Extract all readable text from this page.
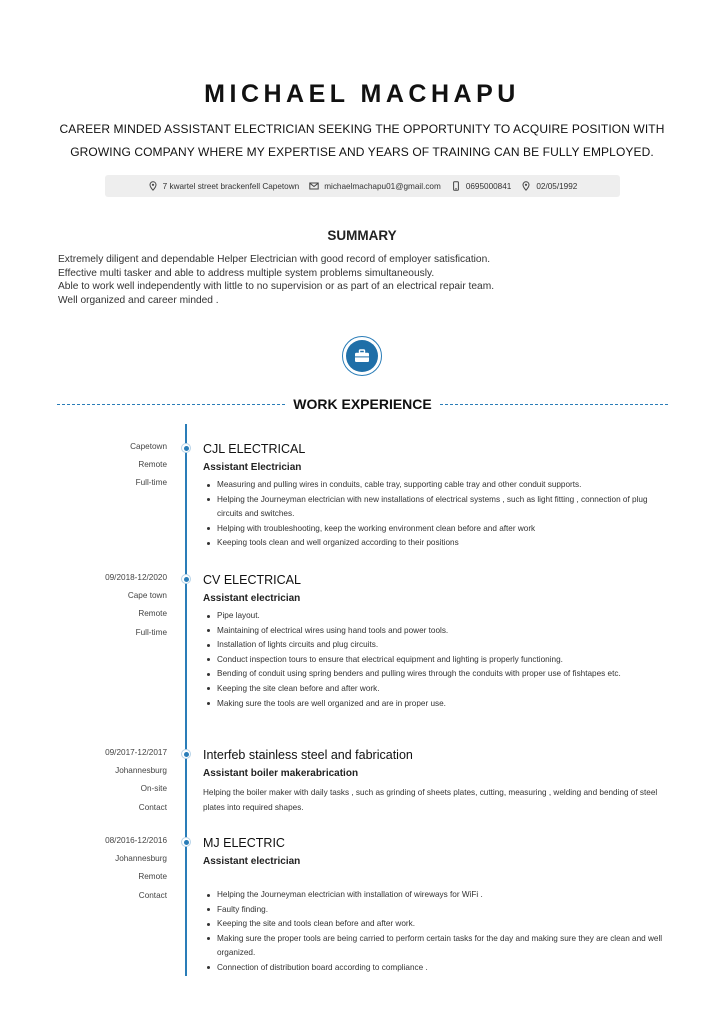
MICHAEL MACHAPU
CAREER MINDED ASSISTANT ELECTRICIAN SEEKING THE OPPORTUNITY TO ACQUIRE POSITION WITH GROWING COMPANY WHERE MY EXPERTISE AND YEARS OF TRAINING CAN BE FULLY EMPLOYED.
7 kwartel street brackenfell Capetown	michaelmachapu01@gmail.com	0695000841	02/05/1992
SUMMARY
Extremely diligent and dependable Helper Electrician with good record of employer satisfication.
Effective multi tasker and able to address multiple system problems simultaneously.
Able to work well independently with little to no supervision or as part of an electrical repair team.
Well organized and career minded .
WORK EXPERIENCE
Capetown
Remote
Full-time
CJL ELECTRICAL
Assistant Electrician
Measuring and pulling wires in conduits, cable tray, supporting cable tray and other conduit supports.
Helping the Journeyman electrician with new installations of electrical systems , such as light fitting , connection of plug circuits and switches.
Helping with troubleshooting, keep the working environment clean before and after work
Keeping tools clean and well organized according to their positions
09/2018-12/2020
Cape town
Remote
Full-time
CV ELECTRICAL
Assistant electrician
Pipe layout.
Maintaining of electrical wires using hand tools and power tools.
Installation of lights circuits and plug circuits.
Conduct inspection tours to ensure that electrical equipment and lighting is properly functioning.
Bending of conduit using spring benders and pulling wires through the conduits with proper use of fishtapes etc.
Keeping the site clean before and after work.
Making sure the tools are well organized and are in proper use.
09/2017-12/2017
Johannesburg
On-site
Contact
Interfeb stainless steel and fabrication
Assistant boiler makerabrication
Helping the boiler maker with daily tasks , such as grinding of sheets plates, cutting, measuring , welding and bending of steel plates into required shapes.
08/2016-12/2016
Johannesburg
Remote
Contact
MJ ELECTRIC
Assistant electrician
Helping the Journeyman electrician with installation of wireways for WiFi .
Faulty finding.
Keeping the site and tools clean before and after work.
Making sure the proper tools are being carried to perform certain tasks for the day and making sure they are clean and well organized.
Connection of distribution board according to compliance .
